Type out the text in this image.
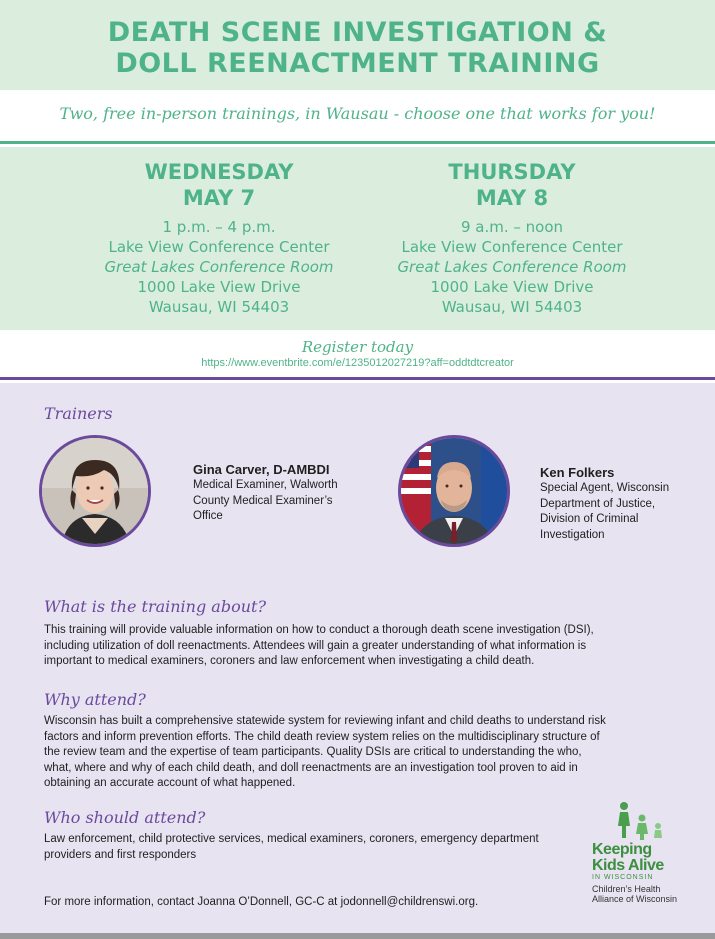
DEATH SCENE INVESTIGATION &
DOLL REENACTMENT TRAINING
Two, free in-person trainings, in Wausau - choose one that works for you!
WEDNESDAY
MAY 7
1 p.m. – 4 p.m.
Lake View Conference Center
Great Lakes Conference Room
1000 Lake View Drive
Wausau, WI 54403
THURSDAY
MAY 8
9 a.m. – noon
Lake View Conference Center
Great Lakes Conference Room
1000 Lake View Drive
Wausau, WI 54403
Register today
https://www.eventbrite.com/e/1235012027219?aff=oddtdtcreator
Trainers
Gina Carver, D-AMBDI
Medical Examiner, Walworth
County Medical Examiner’s
Office
Ken Folkers
Special Agent, Wisconsin
Department of Justice,
Division of Criminal
Investigation
What is the training about?
This training will provide valuable information on how to conduct a thorough death scene investigation (DSI),
including utilization of doll reenactments. Attendees will gain a greater understanding of what information is
important to medical examiners, coroners and law enforcement when investigating a child death.
Why attend?
Wisconsin has built a comprehensive statewide system for reviewing infant and child deaths to understand risk
factors and inform prevention efforts. The child death review system relies on the multidisciplinary structure of
the review team and the expertise of team participants. Quality DSIs are critical to understanding the who,
what, where and why of each child death, and doll reenactments are an investigation tool proven to aid in
obtaining an accurate account of what happened.
Who should attend?
Law enforcement, child protective services, medical examiners, coroners, emergency department
providers and first responders
For more information, contact Joanna O’Donnell, GC-C at jodonnell@childrenswi.org.
Keeping
Kids Alive
IN WISCONSIN
Children’s Health
Alliance of Wisconsin
